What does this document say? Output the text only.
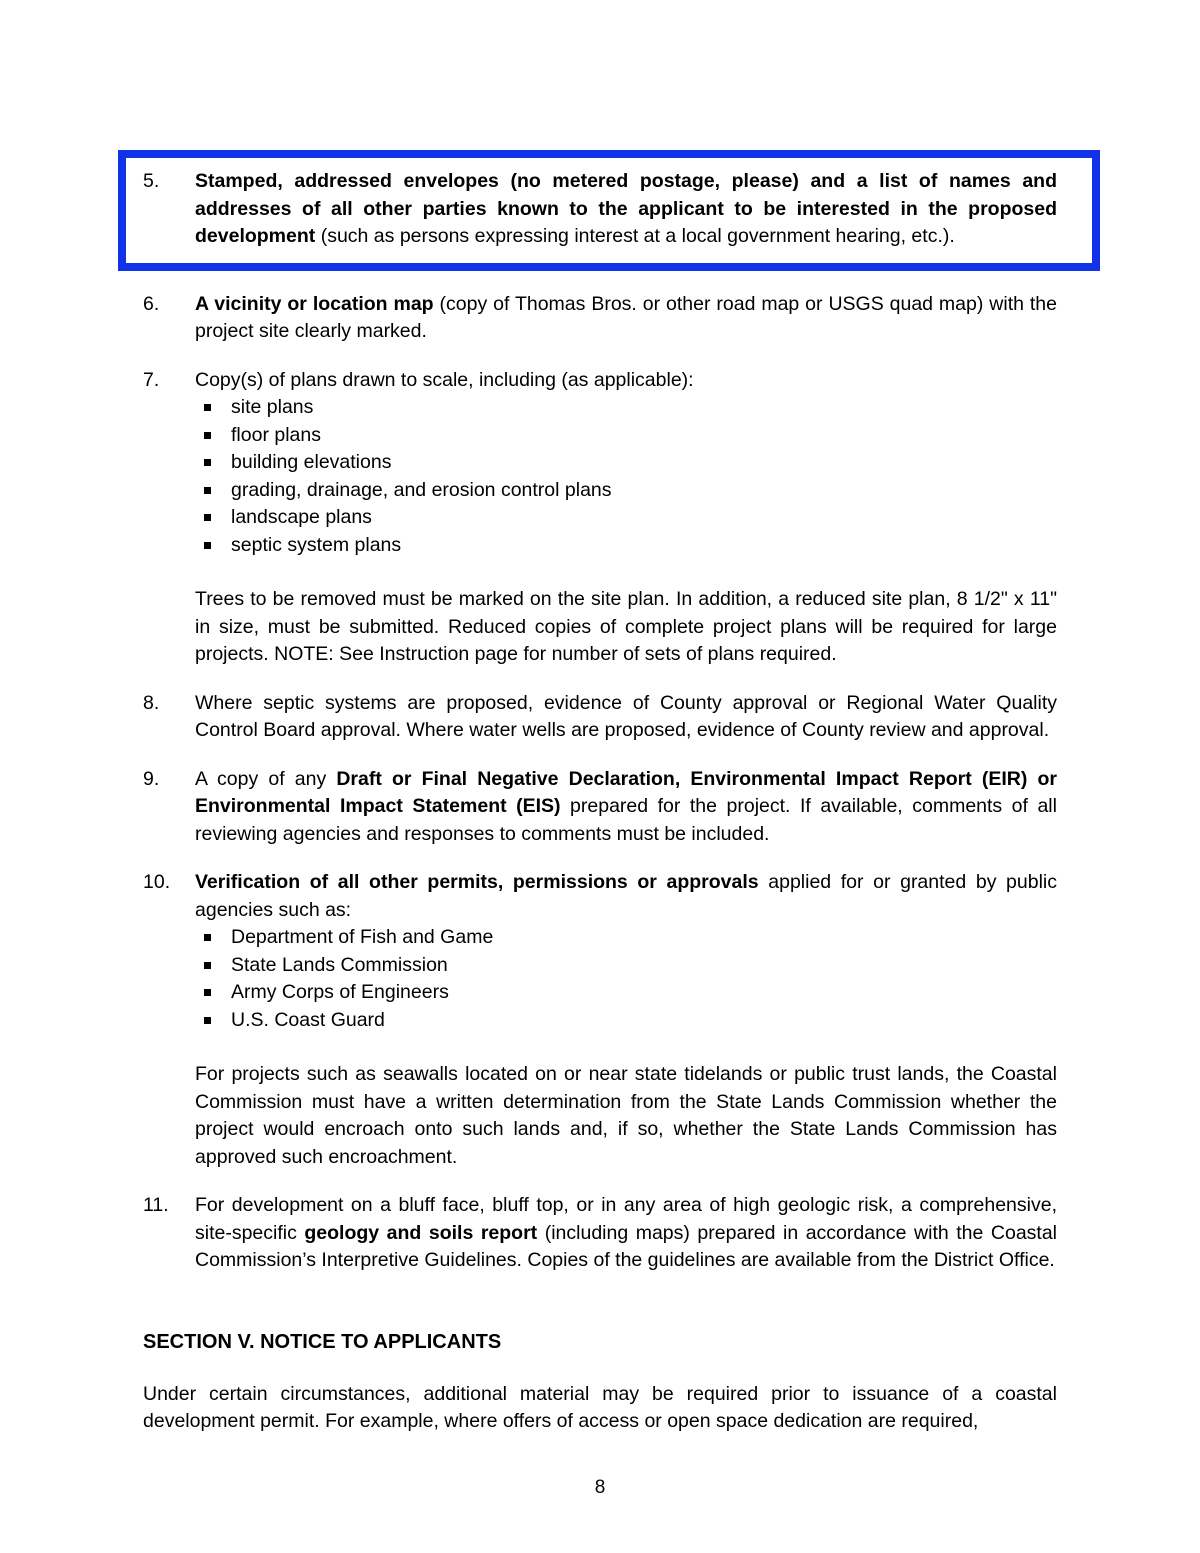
5.	Stamped, addressed envelopes (no metered postage, please) and a list of names and addresses of all other parties known to the applicant to be interested in the proposed development (such as persons expressing interest at a local government hearing, etc.).

6.	A vicinity or location map (copy of Thomas Bros. or other road map or USGS quad map) with the project site clearly marked.

7.	Copy(s) of plans drawn to scale, including (as applicable):

site plans
floor plans
building elevations
grading, drainage, and erosion control plans
landscape plans
septic system plans

Trees to be removed must be marked on the site plan. In addition, a reduced site plan, 8 1/2" x 11" in size, must be submitted. Reduced copies of complete project plans will be required for large projects. NOTE: See Instruction page for number of sets of plans required.

8.	Where septic systems are proposed, evidence of County approval or Regional Water Quality Control Board approval. Where water wells are proposed, evidence of County review and approval.

9.	A copy of any Draft or Final Negative Declaration, Environmental Impact Report (EIR) or Environmental Impact Statement (EIS) prepared for the project. If available, comments of all reviewing agencies and responses to comments must be included.

10.	Verification of all other permits, permissions or approvals applied for or granted by public agencies such as:

Department of Fish and Game
State Lands Commission
Army Corps of Engineers
U.S. Coast Guard

For projects such as seawalls located on or near state tidelands or public trust lands, the Coastal Commission must have a written determination from the State Lands Commission whether the project would encroach onto such lands and, if so, whether the State Lands Commission has approved such encroachment.

11.	For development on a bluff face, bluff top, or in any area of high geologic risk, a comprehensive, site-specific geology and soils report (including maps) prepared in accordance with the Coastal Commission’s Interpretive Guidelines. Copies of the guidelines are available from the District Office.

SECTION V. NOTICE TO APPLICANTS

Under certain circumstances, additional material may be required prior to issuance of a coastal development permit. For example, where offers of access or open space dedication are required,

8
